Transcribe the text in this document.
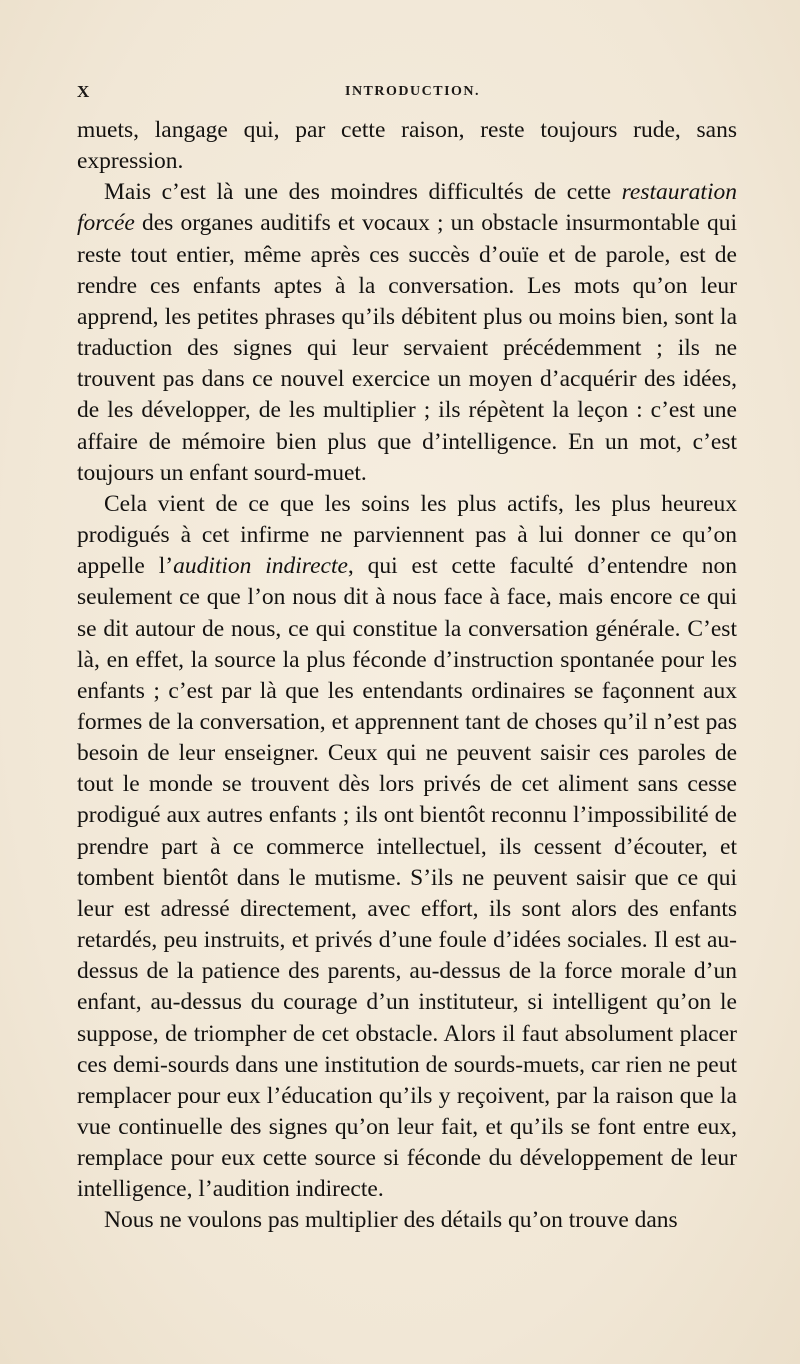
X	INTRODUCTION.

muets, langage qui, par cette raison, reste toujours rude, sans expression.

Mais c’est là une des moindres difficultés de cette restauration forcée des organes auditifs et vocaux ; un obstacle insurmontable qui reste tout entier, même après ces succès d’ouïe et de parole, est de rendre ces enfants aptes à la conversation. Les mots qu’on leur apprend, les petites phrases qu’ils débitent plus ou moins bien, sont la traduction des signes qui leur servaient précédemment ; ils ne trouvent pas dans ce nouvel exercice un moyen d’acquérir des idées, de les développer, de les multiplier ; ils répètent la leçon : c’est une affaire de mémoire bien plus que d’intelligence. En un mot, c’est toujours un enfant sourd-muet.

Cela vient de ce que les soins les plus actifs, les plus heureux prodigués à cet infirme ne parviennent pas à lui donner ce qu’on appelle l’audition indirecte, qui est cette faculté d’entendre non seulement ce que l’on nous dit à nous face à face, mais encore ce qui se dit autour de nous, ce qui constitue la conversation générale. C’est là, en effet, la source la plus féconde d’instruction spontanée pour les enfants ; c’est par là que les entendants ordinaires se façonnent aux formes de la conversation, et apprennent tant de choses qu’il n’est pas besoin de leur enseigner. Ceux qui ne peuvent saisir ces paroles de tout le monde se trouvent dès lors privés de cet aliment sans cesse prodigué aux autres enfants ; ils ont bientôt reconnu l’impossibilité de prendre part à ce commerce intellectuel, ils cessent d’écouter, et tombent bientôt dans le mutisme. S’ils ne peuvent saisir que ce qui leur est adressé directement, avec effort, ils sont alors des enfants retardés, peu instruits, et privés d’une foule d’idées sociales. Il est au-dessus de la patience des parents, au-dessus de la force morale d’un enfant, au-dessus du courage d’un instituteur, si intelligent qu’on le suppose, de triompher de cet obstacle. Alors il faut absolument placer ces demi-sourds dans une institution de sourds-muets, car rien ne peut remplacer pour eux l’éducation qu’ils y reçoivent, par la raison que la vue continuelle des signes qu’on leur fait, et qu’ils se font entre eux, remplace pour eux cette source si féconde du développement de leur intelligence, l’audition indirecte.

Nous ne voulons pas multiplier des détails qu’on trouve dans
